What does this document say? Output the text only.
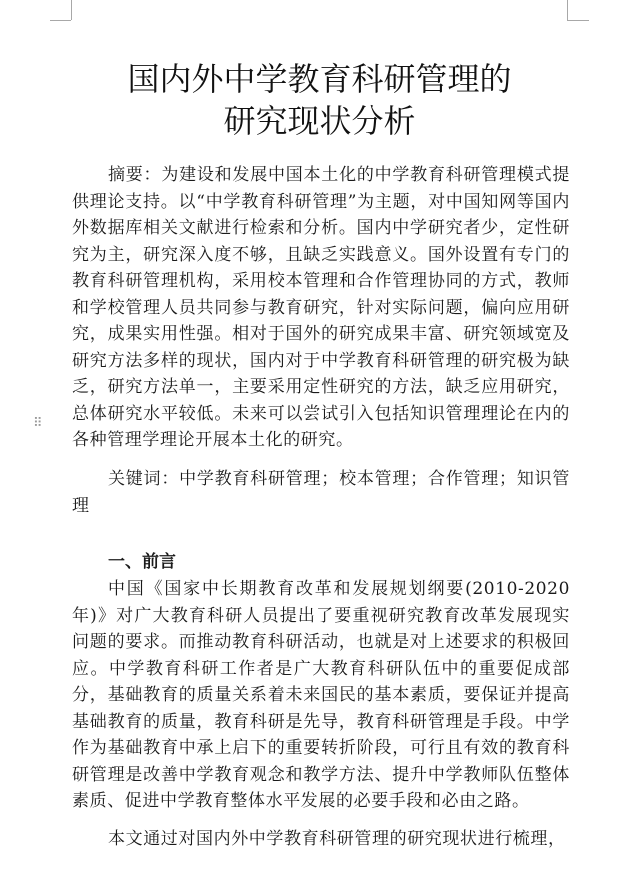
国内外中学教育科研管理的
研究现状分析

摘要：为建设和发展中国本土化的中学教育科研管理模式提供理论支持。以“中学教育科研管理”为主题，对中国知网等国内外数据库相关文献进行检索和分析。国内中学研究者少，定性研究为主，研究深入度不够，且缺乏实践意义。国外设置有专门的教育科研管理机构，采用校本管理和合作管理协同的方式，教师和学校管理人员共同参与教育研究，针对实际问题，偏向应用研究，成果实用性强。相对于国外的研究成果丰富、研究领域宽及研究方法多样的现状，国内对于中学教育科研管理的研究极为缺乏，研究方法单一，主要采用定性研究的方法，缺乏应用研究，总体研究水平较低。未来可以尝试引入包括知识管理理论在内的各种管理学理论开展本土化的研究。

⠿

关键词：中学教育科研管理；校本管理；合作管理；知识管理

一、前言

中国《国家中长期教育改革和发展规划纲要(2010-2020年)》对广大教育科研人员提出了要重视研究教育改革发展现实问题的要求。而推动教育科研活动，也就是对上述要求的积极回应。中学教育科研工作者是广大教育科研队伍中的重要促成部分，基础教育的质量关系着未来国民的基本素质，要保证并提高基础教育的质量，教育科研是先导，教育科研管理是手段。中学作为基础教育中承上启下的重要转折阶段，可行且有效的教育科研管理是改善中学教育观念和教学方法、提升中学教师队伍整体素质、促进中学教育整体水平发展的必要手段和必由之路。

本文通过对国内外中学教育科研管理的研究现状进行梳理，
